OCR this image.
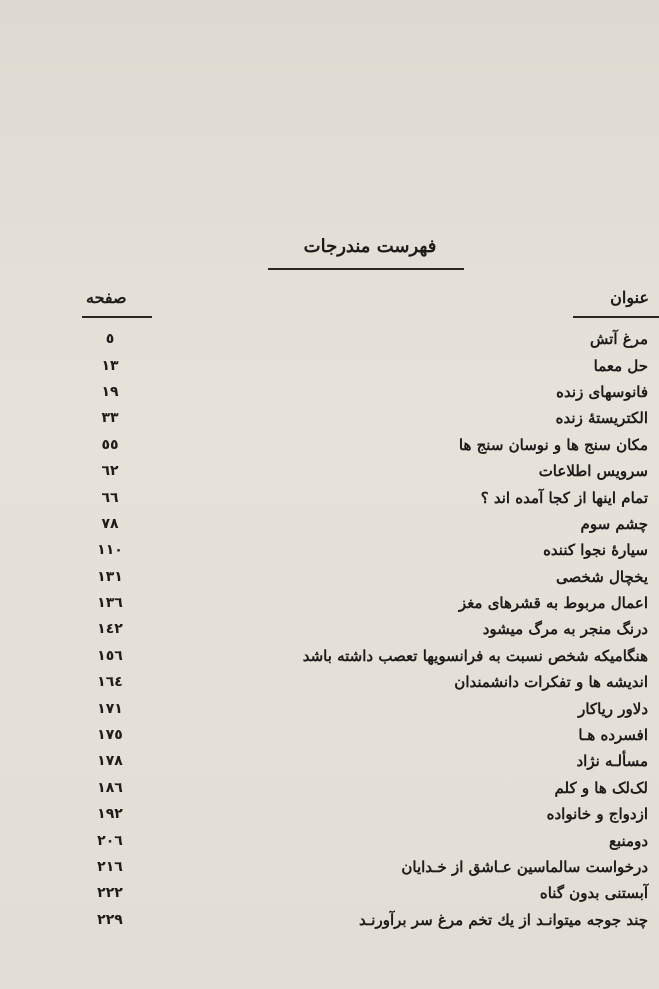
فهرست مندرجات
صفحه	عنوان
٥	مرغ آتش
١٣	حل معما
١٩	فانوسهای زنده
٣٣	الکتریستهٔ زنده
٥٥	مکان سنج ها و نوسان سنج ها
٦٢	سرویس اطلاعات
٦٦	تمام اینها از کجا آمده اند ؟
٧٨	چشم سوم
١١٠	سیارهٔ نجوا کننده
١٣١	یخچال شخصی
١٣٦	اعمال مربوط به قشرهای مغز
١٤٢	درنگ منجر به مرگ میشود
١٥٦	هنگامیکه شخص نسبت به فرانسویها تعصب داشته باشد
١٦٤	اندیشه ها و تفکرات دانشمندان
١٧١	دلاور ریاکار
١٧٥	افسرده هـا
١٧٨	مسألـه نژاد
١٨٦	لک‌لک ها و کلم
١٩٢	ازدواج و خانواده
٢٠٦	دومنبع
٢١٦	درخواست سالماسین عـاشق از خـدایان
٢٢٢	آبستنی بدون گناه
٢٢٩	چند جوجه میتوانـد از یك تخم مرغ سر برآورنـد
